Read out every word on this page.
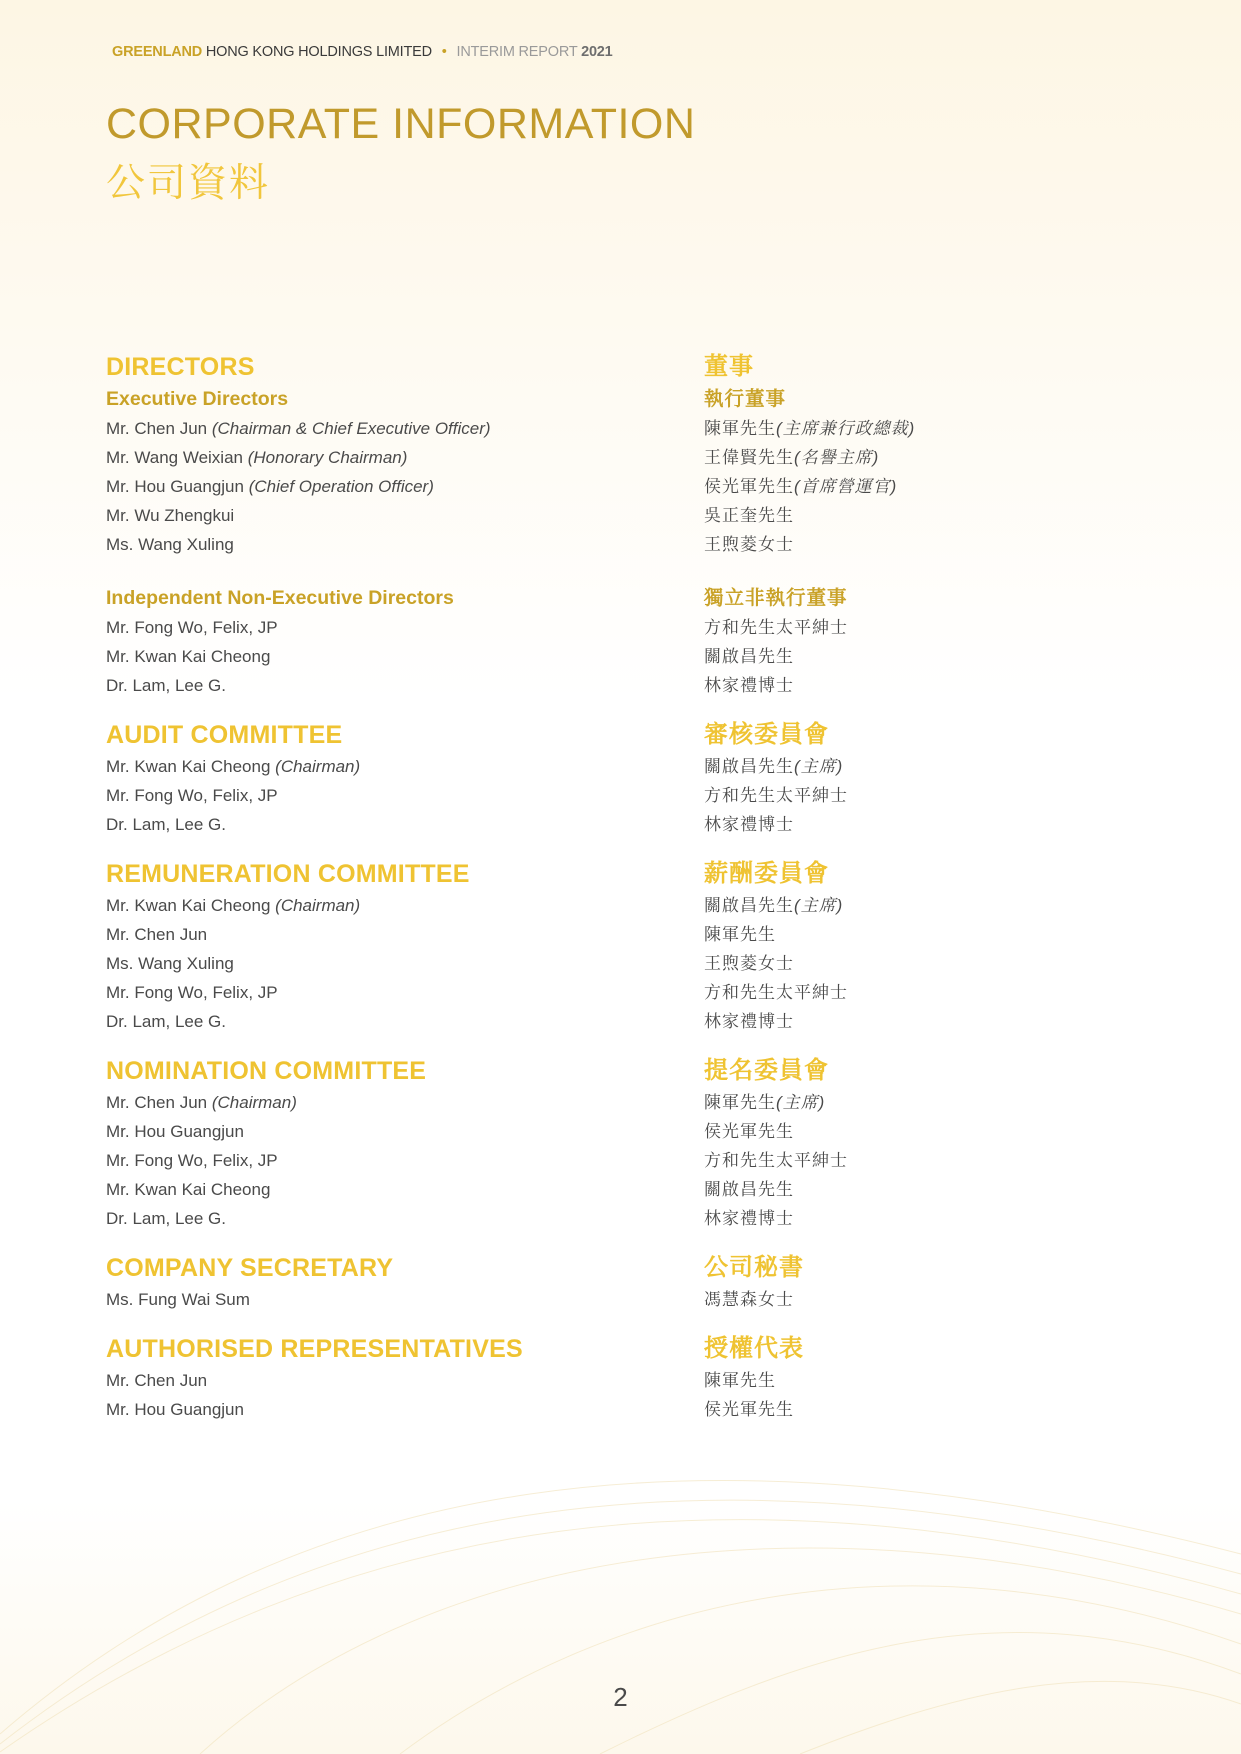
GREENLAND HONG KONG HOLDINGS LIMITED • INTERIM REPORT 2021
CORPORATE INFORMATION
公司資料
DIRECTORS
Executive Directors
Mr. Chen Jun (Chairman & Chief Executive Officer)
Mr. Wang Weixian (Honorary Chairman)
Mr. Hou Guangjun (Chief Operation Officer)
Mr. Wu Zhengkui
Ms. Wang Xuling
Independent Non-Executive Directors
Mr. Fong Wo, Felix, JP
Mr. Kwan Kai Cheong
Dr. Lam, Lee G.
AUDIT COMMITTEE
Mr. Kwan Kai Cheong (Chairman)
Mr. Fong Wo, Felix, JP
Dr. Lam, Lee G.
REMUNERATION COMMITTEE
Mr. Kwan Kai Cheong (Chairman)
Mr. Chen Jun
Ms. Wang Xuling
Mr. Fong Wo, Felix, JP
Dr. Lam, Lee G.
NOMINATION COMMITTEE
Mr. Chen Jun (Chairman)
Mr. Hou Guangjun
Mr. Fong Wo, Felix, JP
Mr. Kwan Kai Cheong
Dr. Lam, Lee G.
COMPANY SECRETARY
Ms. Fung Wai Sum
AUTHORISED REPRESENTATIVES
Mr. Chen Jun
Mr. Hou Guangjun
董事
執行董事
陳軍先生(主席兼行政總裁)
王偉賢先生(名譽主席)
侯光軍先生(首席營運官)
吳正奎先生
王煦菱女士
獨立非執行董事
方和先生太平紳士
關啟昌先生
林家禮博士
審核委員會
關啟昌先生(主席)
方和先生太平紳士
林家禮博士
薪酬委員會
關啟昌先生(主席)
陳軍先生
王煦菱女士
方和先生太平紳士
林家禮博士
提名委員會
陳軍先生(主席)
侯光軍先生
方和先生太平紳士
關啟昌先生
林家禮博士
公司秘書
馮慧森女士
授權代表
陳軍先生
侯光軍先生
2
